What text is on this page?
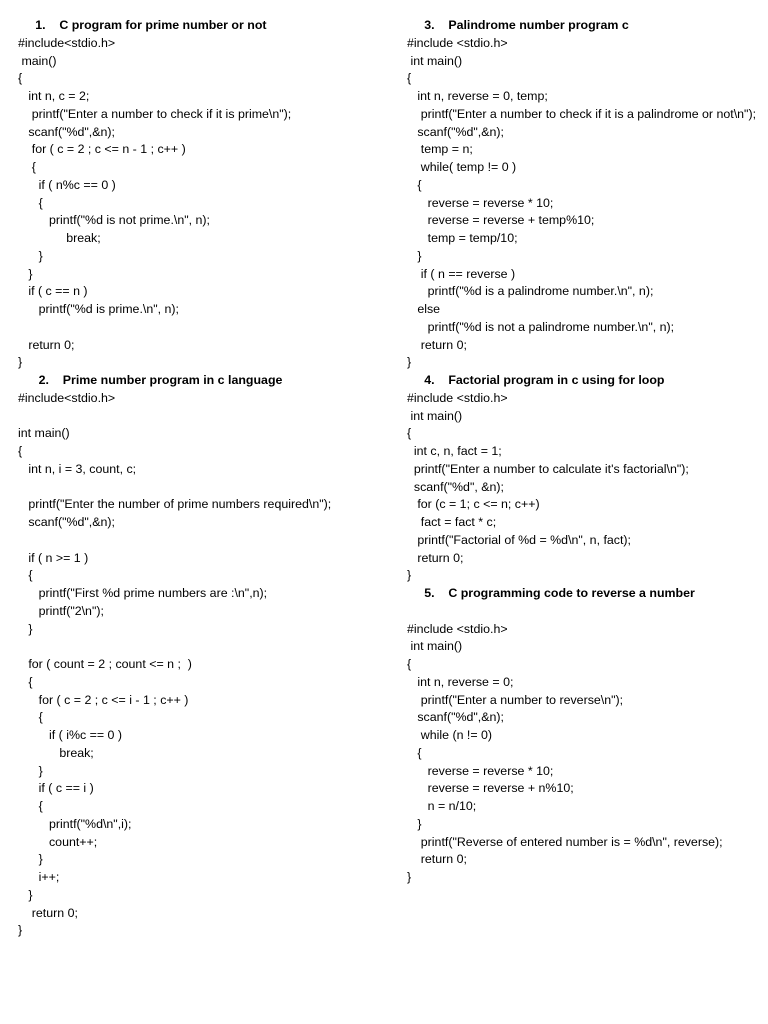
1.    C program for prime number or not
#include<stdio.h>
main()
{
int n, c = 2;
printf("Enter a number to check if it is prime\n");
scanf("%d",&n);
for ( c = 2 ; c <= n - 1 ; c++ )
{
if ( n%c == 0 )
{
printf("%d is not prime.\n", n);
break;
}
}
if ( c == n )
printf("%d is prime.\n", n);
return 0;
}
2.    Prime number program in c language
#include<stdio.h>
int main()
{
int n, i = 3, count, c;
printf("Enter the number of prime numbers required\n");
scanf("%d",&n);
if ( n >= 1 )
{
printf("First %d prime numbers are :\n",n);
printf("2\n");
}
for ( count = 2 ; count <= n ;  )
{
for ( c = 2 ; c <= i - 1 ; c++ )
{
if ( i%c == 0 )
break;
}
if ( c == i )
{
printf("%d\n",i);
count++;
}
i++;
}
return 0;
}
3.    Palindrome number program c
#include <stdio.h>
int main()
{
int n, reverse = 0, temp;
printf("Enter a number to check if it is a palindrome or not\n");
scanf("%d",&n);
temp = n;
while( temp != 0 )
{
reverse = reverse * 10;
reverse = reverse + temp%10;
temp = temp/10;
}
if ( n == reverse )
printf("%d is a palindrome number.\n", n);
else
printf("%d is not a palindrome number.\n", n);
return 0;
}
4.    Factorial program in c using for loop
#include <stdio.h>
int main()
{
int c, n, fact = 1;
printf("Enter a number to calculate it's factorial\n");
scanf("%d", &n);
for (c = 1; c <= n; c++)
fact = fact * c;
printf("Factorial of %d = %d\n", n, fact);
return 0;
}
5.    C programming code to reverse a number
#include <stdio.h>
int main()
{
int n, reverse = 0;
printf("Enter a number to reverse\n");
scanf("%d",&n);
while (n != 0)
{
reverse = reverse * 10;
reverse = reverse + n%10;
n = n/10;
}
printf("Reverse of entered number is = %d\n", reverse);
return 0;
}
